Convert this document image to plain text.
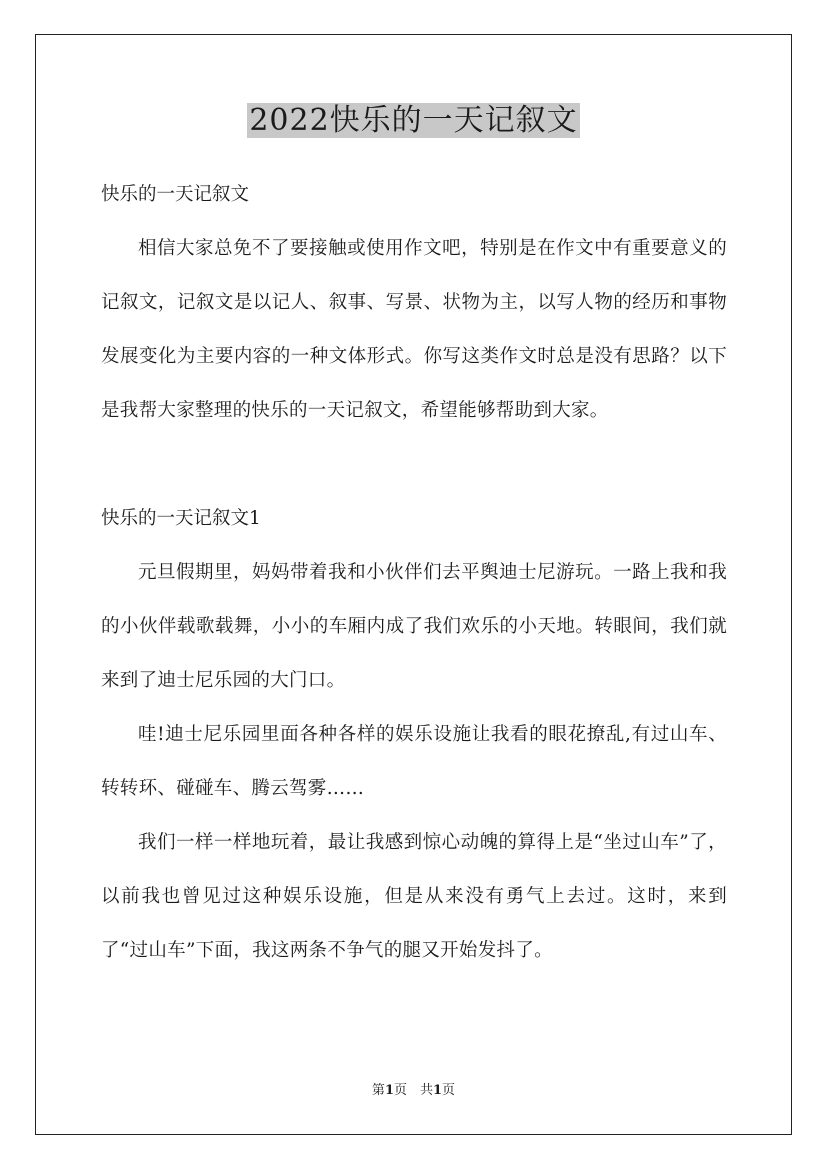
2022快乐的一天记叙文

快乐的一天记叙文

相信大家总免不了要接触或使用作文吧，特别是在作文中有重要意义的记叙文，记叙文是以记人、叙事、写景、状物为主，以写人物的经历和事物发展变化为主要内容的一种文体形式。你写这类作文时总是没有思路？以下是我帮大家整理的快乐的一天记叙文，希望能够帮助到大家。

快乐的一天记叙文1

元旦假期里，妈妈带着我和小伙伴们去平舆迪士尼游玩。一路上我和我的小伙伴载歌载舞，小小的车厢内成了我们欢乐的小天地。转眼间，我们就来到了迪士尼乐园的大门口。

哇!迪士尼乐园里面各种各样的娱乐设施让我看的眼花撩乱,有过山车、转转环、碰碰车、腾云驾雾……

我们一样一样地玩着，最让我感到惊心动魄的算得上是“坐过山车”了，以前我也曾见过这种娱乐设施，但是从来没有勇气上去过。这时，来到了“过山车”下面，我这两条不争气的腿又开始发抖了。

第1页　共1页
